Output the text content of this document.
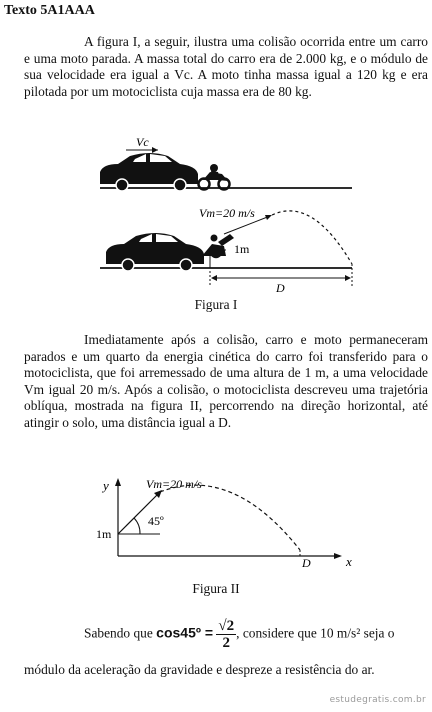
Texto 5A1AAA

A figura I, a seguir, ilustra uma colisão ocorrida entre um carro e uma moto parada. A massa total do carro era de 2.000 kg, e o módulo de sua velocidade era igual a Vc. A moto tinha massa igual a 120 kg e era pilotada por um motociclista cuja massa era de 80 kg.

Vc
Vm=20 m/s
1m
D
Figura I

Imediatamente após a colisão, carro e moto permaneceram parados e um quarto da energia cinética do carro foi transferido para o motociclista, que foi arremessado de uma altura de 1 m, a uma velocidade Vm igual 20 m/s. Após a colisão, o motociclista descreveu uma trajetória oblíqua, mostrada na figura II, percorrendo na direção horizontal, até atingir o solo, uma distância igual a D.

y
x
1m
Vm=20 m/s
45º
D
Figura II
Sabendo que cos45º = $\frac{√2}{2}$ , considere que 10 m/s² seja o

módulo da aceleração da gravidade e despreze a resistência do ar.

estudegratis.com.br
